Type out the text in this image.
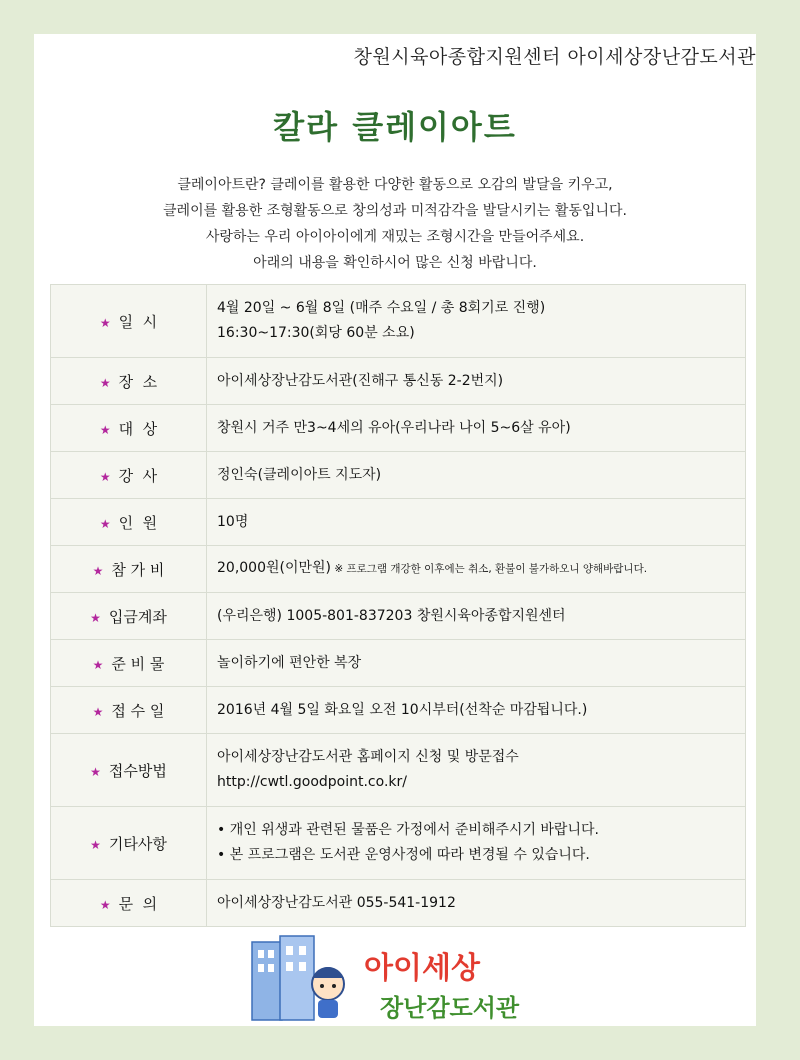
창원시육아종합지원센터 아이세상장난감도서관
칼라 클레이아트
클레이아트란? 클레이를 활용한 다양한 활동으로 오감의 발달을 키우고,
클레이를 활용한 조형활동으로 창의성과 미적감각을 발달시키는 활동입니다.
사랑하는 우리 아이아이에게 재밌는 조형시간을 만들어주세요.
아래의 내용을 확인하시어 많은 신청 바랍니다.
★ 일  시	4월 20일 ~ 6월 8일 (매주 수요일 / 총 8회기로 진행)
16:30~17:30(회당 60분 소요)

★ 장  소	아이세상장난감도서관(진해구 통신동 2-2번지)

★ 대  상	창원시 거주 만3~4세의 유아(우리나라 나이 5~6살 유아)

★ 강  사	정인숙(클레이아트 지도자)

★ 인  원	10명

★ 참 가 비	20,000원(이만원) ※ 프로그램 개강한 이후에는 취소, 환불이 불가하오니 양해바랍니다.
★ 입금계좌	(우리은행) 1005-801-837203 창원시육아종합지원센터

★ 준 비 물	놀이하기에 편안한 복장

★ 접 수 일	2016년 4월 5일 화요일 오전 10시부터(선착순 마감됩니다.)

★ 접수방법	아이세상장난감도서관 홈페이지 신청 및 방문접수
http://cwtl.goodpoint.co.kr/

★ 기타사항	• 개인 위생과 관련된 물품은 가정에서 준비해주시기 바랍니다.
• 본 프로그램은 도서관 운영사정에 따라 변경될 수 있습니다.

★ 문  의	아이세상장난감도서관 055-541-1912
아이세상
장난감도서관
